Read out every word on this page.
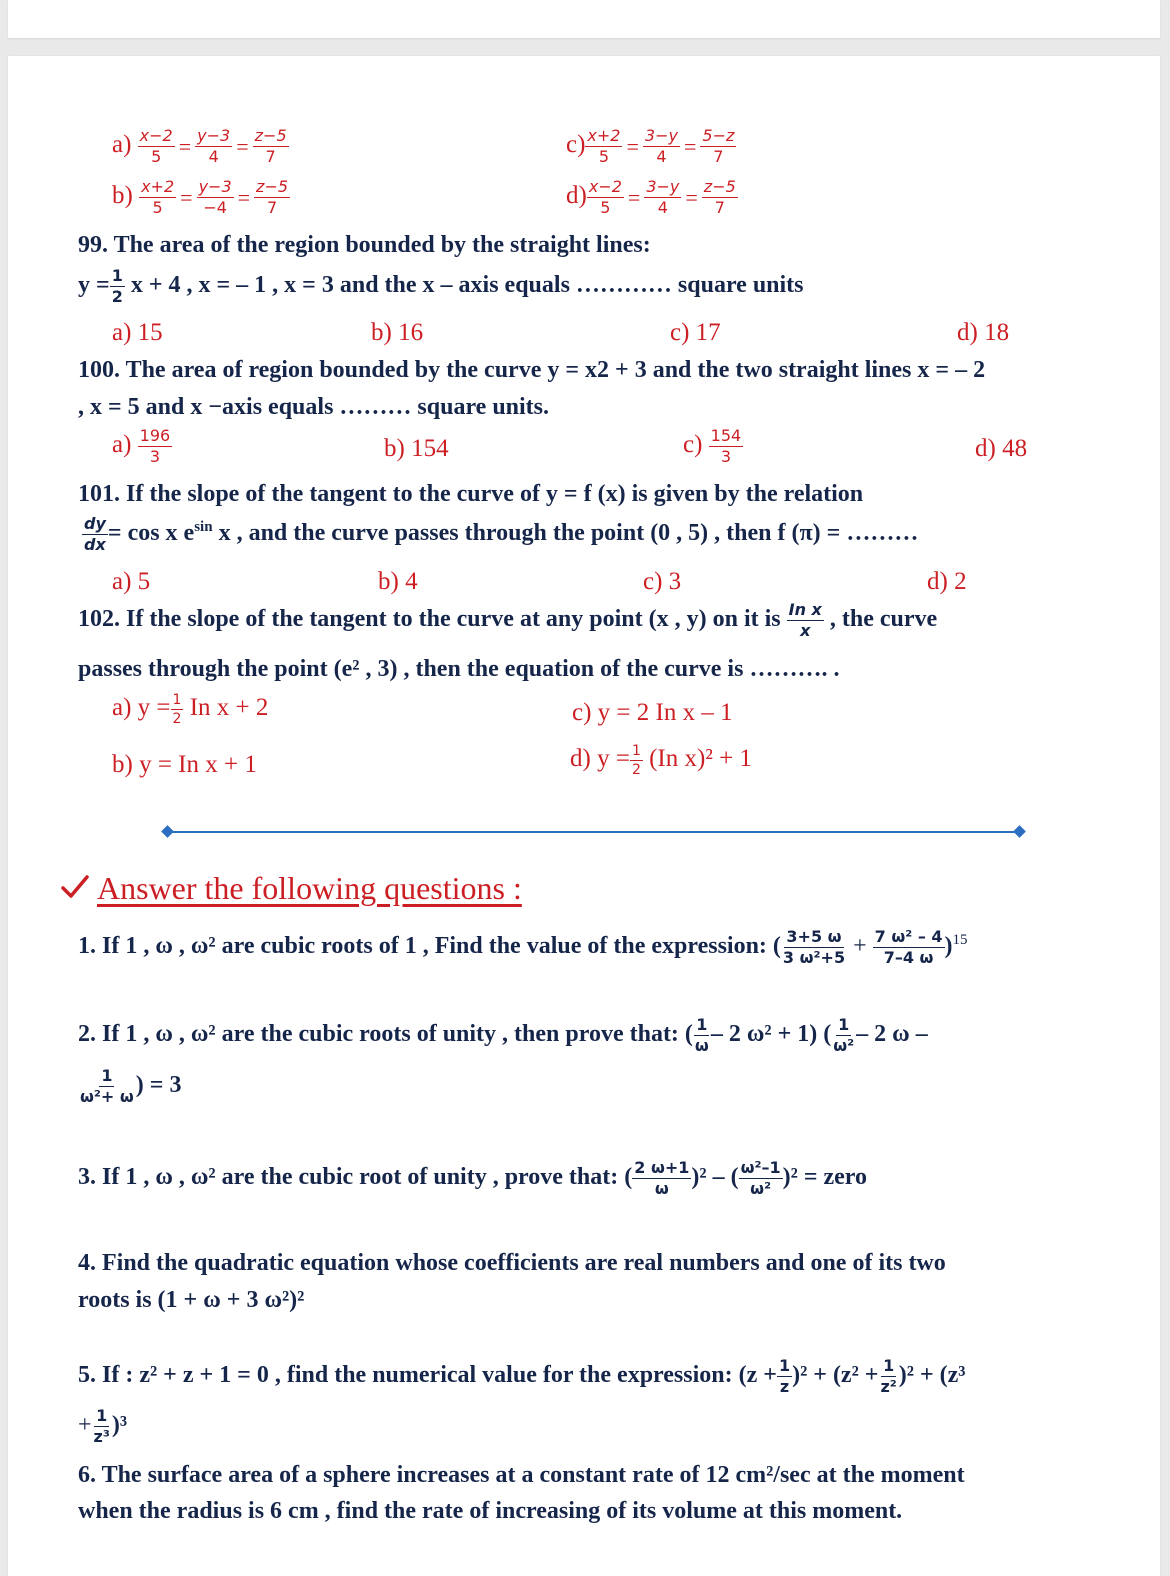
$a) \frac{x-2}{5} = \frac{y-3}{4} = \frac{z-5}{7}$
$b) \frac{x+2}{5} = \frac{y-3}{-4} = \frac{z-5}{7}$
$c) \frac{x+2}{5} = \frac{3-y}{4} = \frac{5-z}{7}$
$d) \frac{x-2}{5} = \frac{3-y}{4} = \frac{z-5}{7}$
99. The area of the region bounded by the straight lines:
$y = \frac{1}{2}$ x + 4 , x = – 1 , x = 3 and the x – axis equals ………… square units
a) 15	b) 16	c) 17	d) 18
100. The area of region bounded by the curve y = x2 + 3 and the two straight lines x = – 2
, x = 5 and x −axis equals ……… square units.
$a) \frac{196}{3}$	b) 154	$c) \frac{154}{3}$	d) 48
101. If the slope of the tangent to the curve of y = f (x) is given by the relation
$\frac{dy}{dx} = \cos x$ $e^{sin}$ x , and the curve passes through the point (0 , 5) , then f (π) = ………
a) 5	b) 4	c) 3	d) 2
102. If the slope of the tangent to the curve at any point (x , y) on it is $\frac{\text{In x}}{x}$ , the curve
passes through the point (e² , 3) , then the equation of the curve is ………. .
a) $y = \frac{1}{2}$ In x + 2
b) y = In x + 1
c) y = 2 In x – 1
d) $y = \frac{1}{2} (In$ x)² + 1
Answer the following questions :
1. If 1 , ω , ω² are cubic roots of 1 , Find the value of the expression: ( $\frac{3+5 \omega}{\text{3 ω²+5}} + \frac{\text{7 ω² – 4}}{7-4 \omega} )^{15}$
2. If 1 , ω , ω² are the cubic roots of unity , then prove that: ( $\frac{1}{\omega} - 2$ ω² + 1) ( $\frac{1}{\text{ω²}} - 2$ ω –
$\frac{1}{\text{ω²+ ω}}$ ) = 3
3. If 1 , ω , ω² are the cubic root of unity , prove that: ( $\frac{2 \omega+1}{\omega} )^2$ – ( $\frac{\text{ω²–1}}{\text{ω²}} )^2$ = zero
4. Find the quadratic equation whose coefficients are real numbers and one of its two
roots is (1 + ω + 3 ω²)²
5. If : z² + z + 1 = 0 , find the numerical value for the expression: $(z + \frac{1}{z} )^2 + (z^2 + \frac{1}{\text{z²}} )^2 + (z^3$
+ $\frac{1}{\text{z³}} )^3$
6. The surface area of a sphere increases at a constant rate of 12 cm²/sec at the moment
when the radius is 6 cm , find the rate of increasing of its volume at this moment.
